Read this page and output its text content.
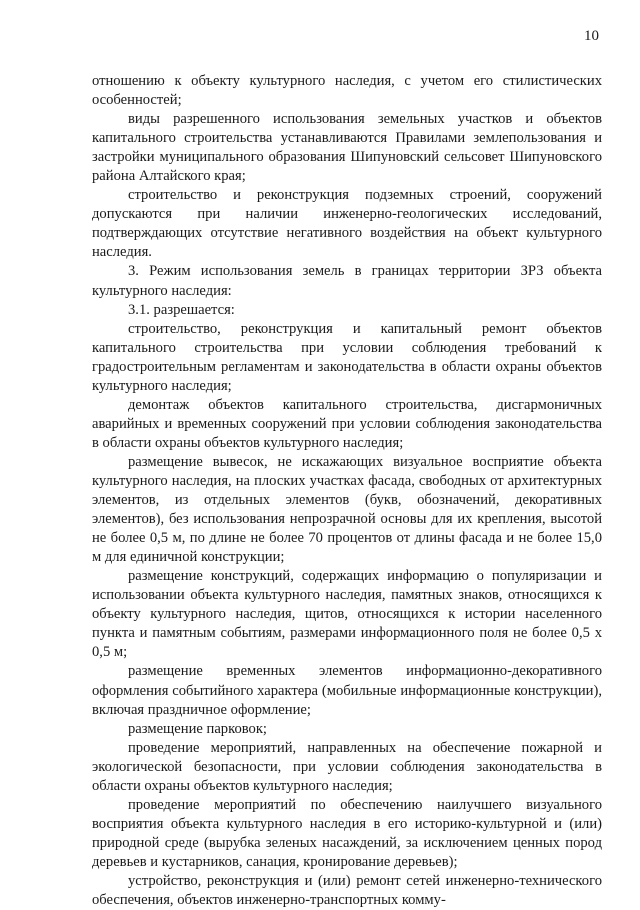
10

отношению к объекту культурного наследия, с учетом его стилистических особенностей;

виды разрешенного использования земельных участков и объектов капитального строительства устанавливаются Правилами землепользования и застройки муниципального образования Шипуновский сельсовет Шипуновского района Алтайского края;

строительство и реконструкция подземных строений, сооружений допускаются при наличии инженерно-геологических исследований, подтверждающих отсутствие негативного воздействия на объект культурного наследия.

3. Режим использования земель в границах территории ЗРЗ объекта культурного наследия:

3.1. разрешается:

строительство, реконструкция и капитальный ремонт объектов капитального строительства при условии соблюдения требований к градостроительным регламентам и законодательства в области охраны объектов культурного наследия;

демонтаж объектов капитального строительства, дисгармоничных аварийных и временных сооружений при условии соблюдения законодательства в области охраны объектов культурного наследия;

размещение вывесок, не искажающих визуальное восприятие объекта культурного наследия, на плоских участках фасада, свободных от архитектурных элементов, из отдельных элементов (букв, обозначений, декоративных элементов), без использования непрозрачной основы для их крепления, высотой не более 0,5 м, по длине не более 70 процентов от длины фасада и не более 15,0 м для единичной конструкции;

размещение конструкций, содержащих информацию о популяризации и использовании объекта культурного наследия, памятных знаков, относящихся к объекту культурного наследия, щитов, относящихся к истории населенного пункта и памятным событиям, размерами информационного поля не более 0,5 х 0,5 м;

размещение временных элементов информационно-декоративного оформления событийного характера (мобильные информационные конструкции), включая праздничное оформление;

размещение парковок;

проведение мероприятий, направленных на обеспечение пожарной и экологической безопасности, при условии соблюдения законодательства в области охраны объектов культурного наследия;

проведение мероприятий по обеспечению наилучшего визуального восприятия объекта культурного наследия в его историко-культурной и (или) природной среде (вырубка зеленых насаждений, за исключением ценных пород деревьев и кустарников, санация, кронирование деревьев);

устройство, реконструкция и (или) ремонт сетей инженерно-технического обеспечения, объектов инженерно-транспортных комму-
